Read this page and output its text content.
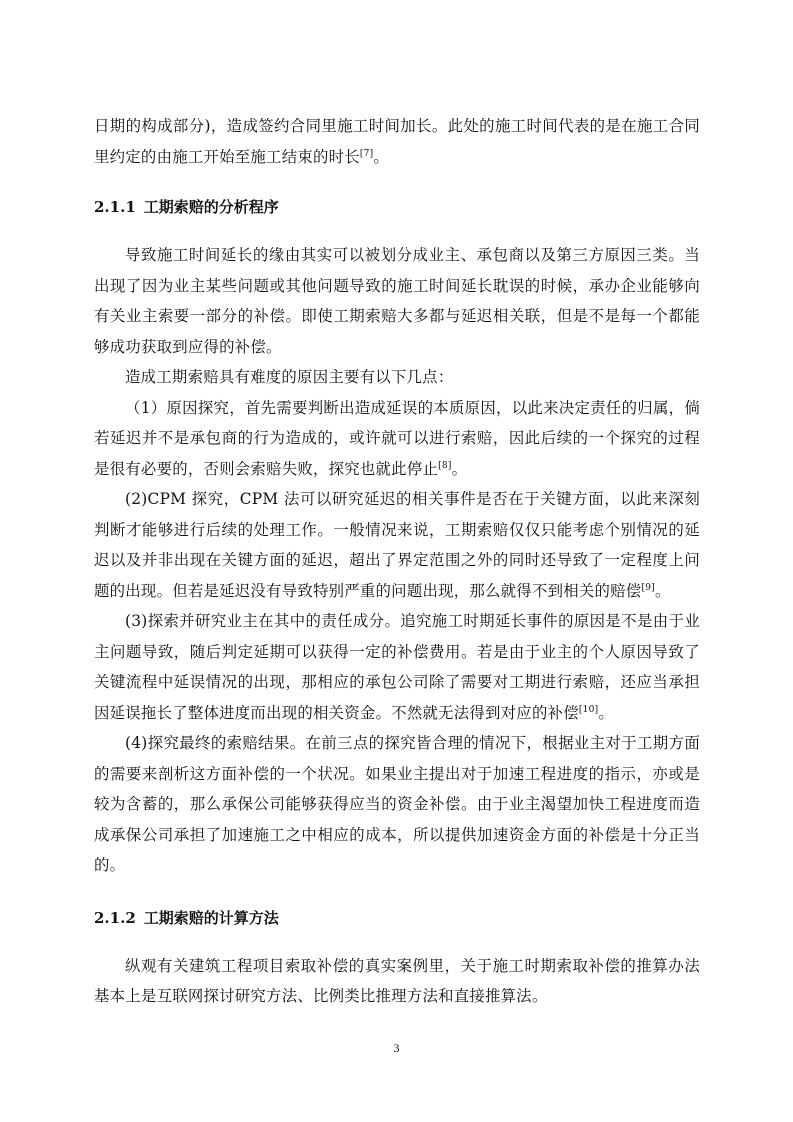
日期的构成部分)，造成签约合同里施工时间加长。此处的施工时间代表的是在施工合同里约定的由施工开始至施工结束的时长[7]。

2.1.1 工期索赔的分析程序

导致施工时间延长的缘由其实可以被划分成业主、承包商以及第三方原因三类。当出现了因为业主某些问题或其他问题导致的施工时间延长耽误的时候，承办企业能够向有关业主索要一部分的补偿。即使工期索赔大多都与延迟相关联，但是不是每一个都能够成功获取到应得的补偿。

造成工期索赔具有难度的原因主要有以下几点：

（1）原因探究，首先需要判断出造成延误的本质原因，以此来决定责任的归属，倘若延迟并不是承包商的行为造成的，或许就可以进行索赔，因此后续的一个探究的过程是很有必要的，否则会索赔失败，探究也就此停止[8]。

(2)CPM 探究，CPM 法可以研究延迟的相关事件是否在于关键方面，以此来深刻判断才能够进行后续的处理工作。一般情况来说，工期索赔仅仅只能考虑个别情况的延迟以及并非出现在关键方面的延迟，超出了界定范围之外的同时还导致了一定程度上问题的出现。但若是延迟没有导致特别严重的问题出现，那么就得不到相关的赔偿[9]。

(3)探索并研究业主在其中的责任成分。追究施工时期延长事件的原因是不是由于业主问题导致，随后判定延期可以获得一定的补偿费用。若是由于业主的个人原因导致了关键流程中延误情况的出现，那相应的承包公司除了需要对工期进行索赔，还应当承担因延误拖长了整体进度而出现的相关资金。不然就无法得到对应的补偿[10]。

(4)探究最终的索赔结果。在前三点的探究皆合理的情况下，根据业主对于工期方面的需要来剖析这方面补偿的一个状况。如果业主提出对于加速工程进度的指示，亦或是较为含蓄的，那么承保公司能够获得应当的资金补偿。由于业主渴望加快工程进度而造成承保公司承担了加速施工之中相应的成本，所以提供加速资金方面的补偿是十分正当的。

2.1.2 工期索赔的计算方法

纵观有关建筑工程项目索取补偿的真实案例里，关于施工时期索取补偿的推算办法基本上是互联网探讨研究方法、比例类比推理方法和直接推算法。

3
